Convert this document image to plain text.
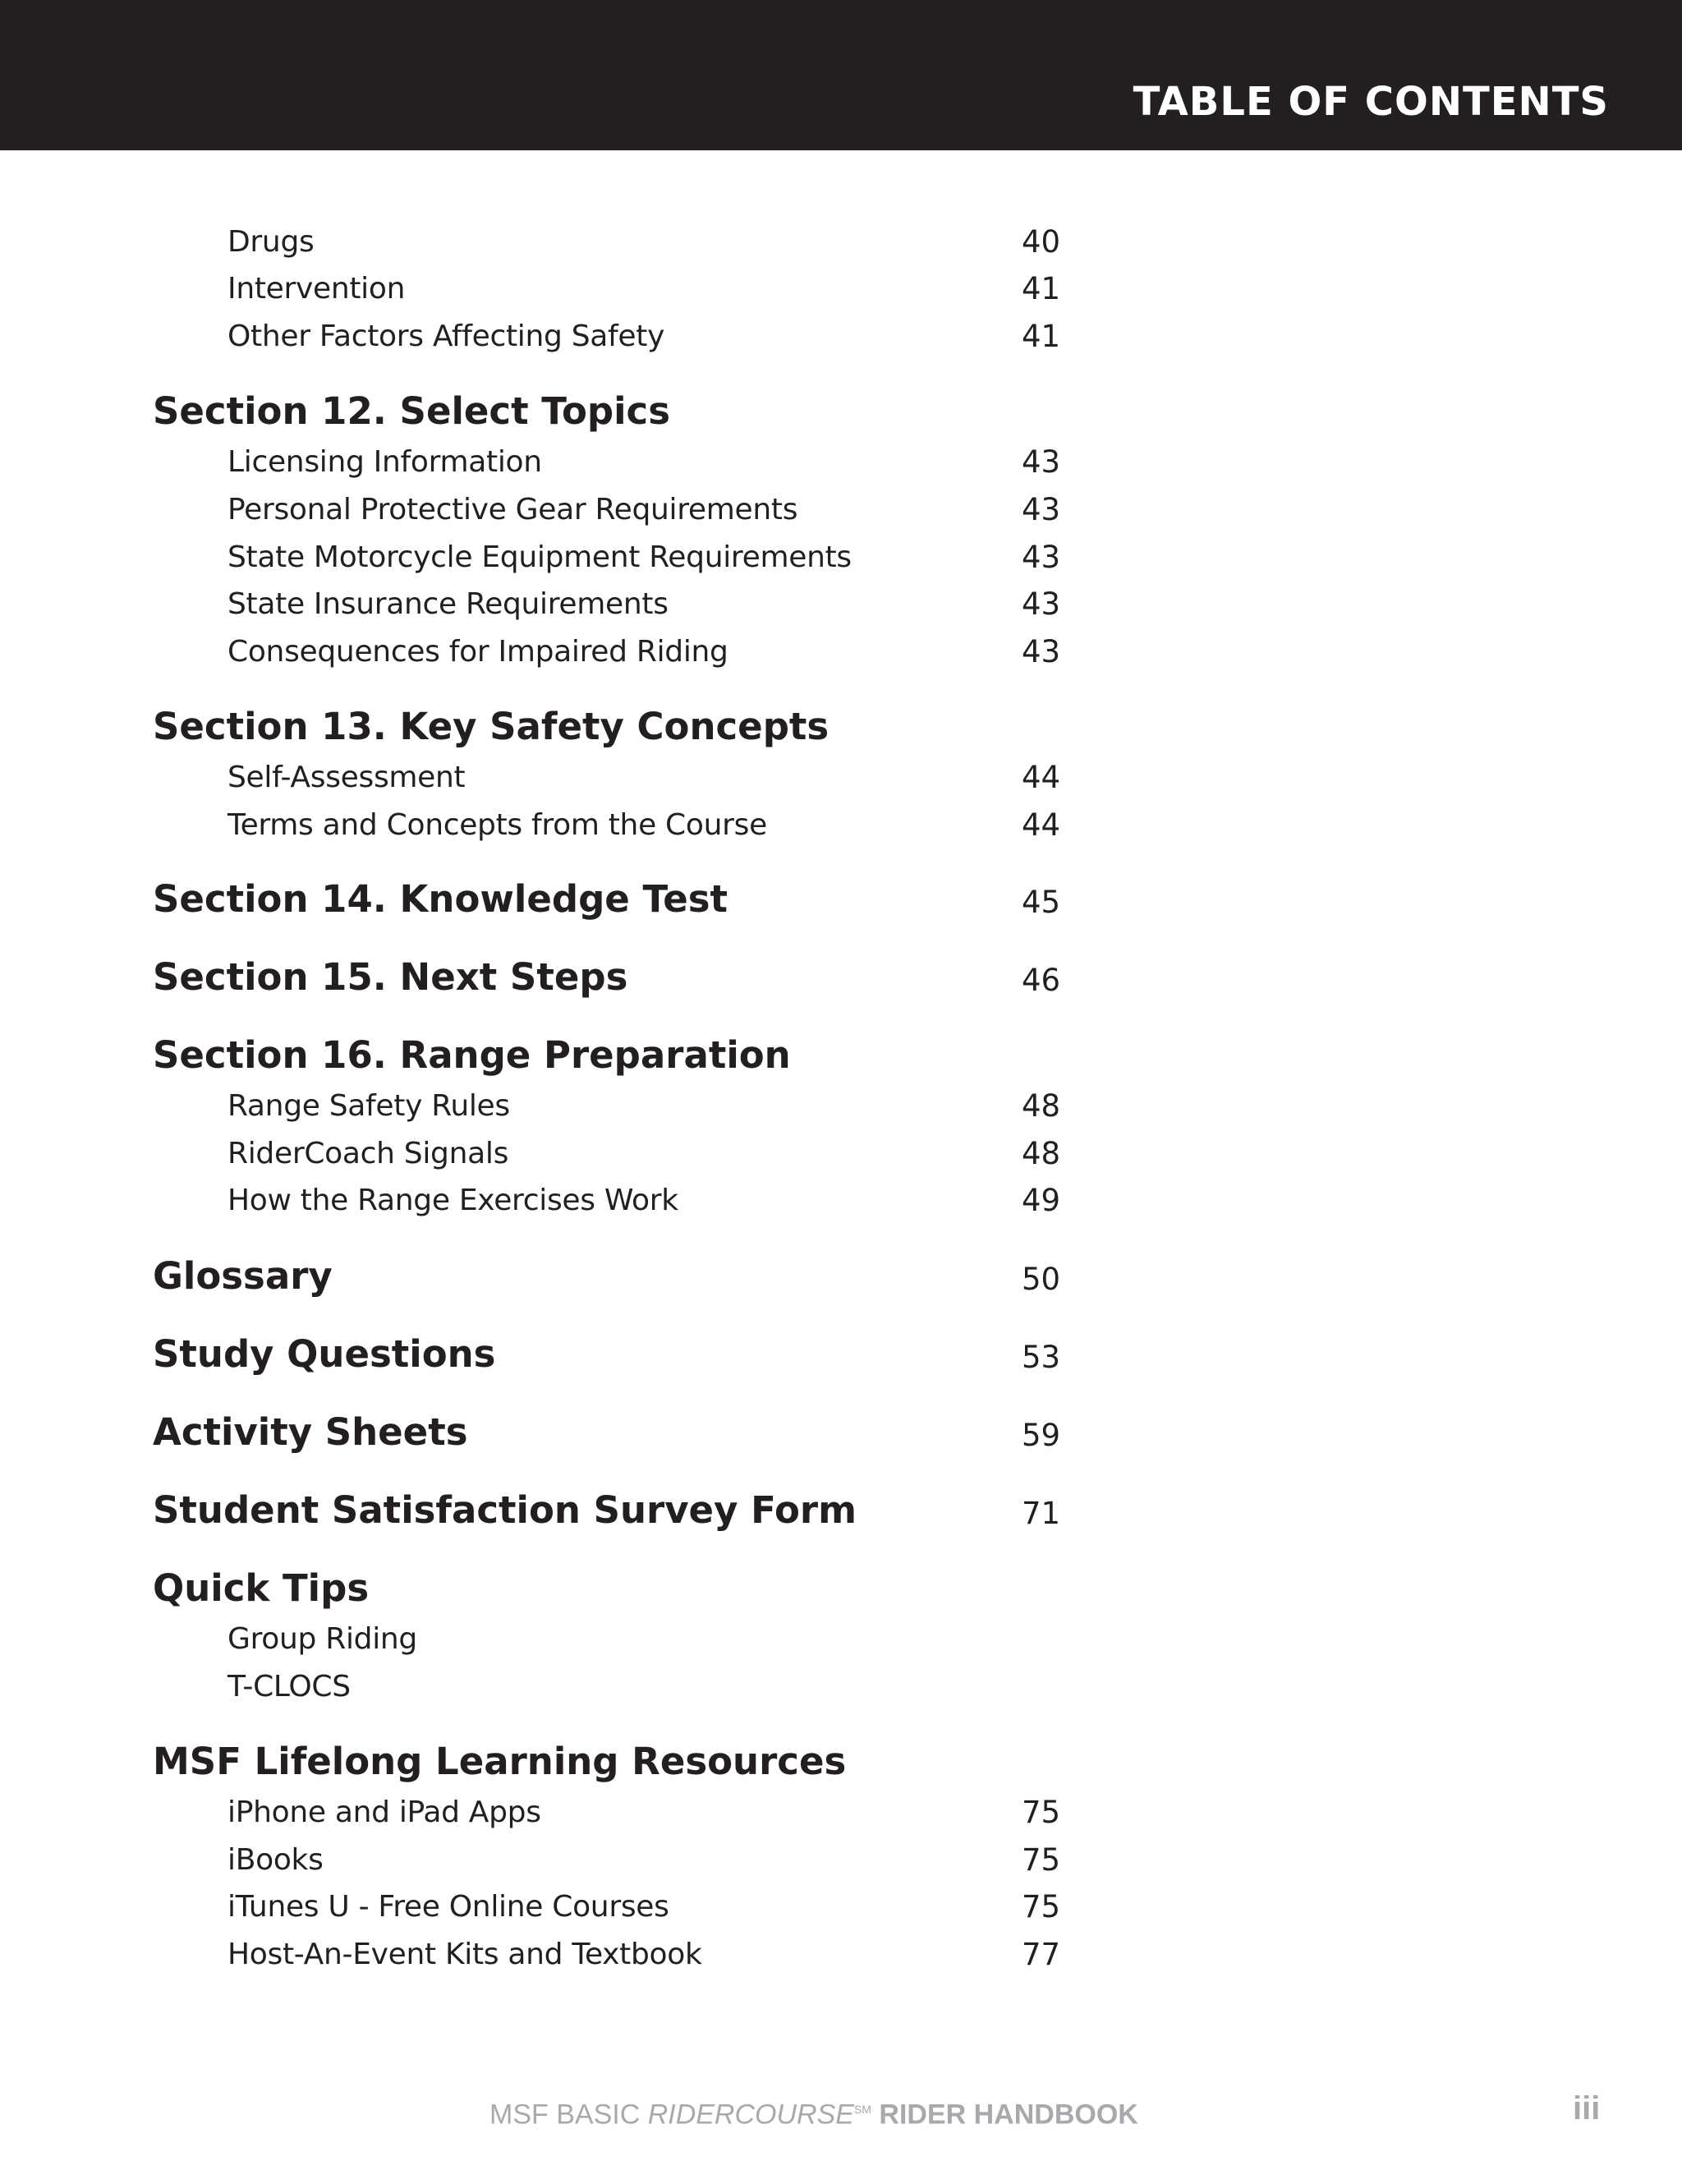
TABLE OF CONTENTS
Drugs	40
Intervention	41
Other Factors Affecting Safety	41
Section 12. Select Topics
Licensing Information	43
Personal Protective Gear Requirements	43
State Motorcycle Equipment Requirements	43
State Insurance Requirements	43
Consequences for Impaired Riding	43
Section 13. Key Safety Concepts
Self-Assessment	44
Terms and Concepts from the Course	44
Section 14. Knowledge Test	45
Section 15. Next Steps	46
Section 16. Range Preparation
Range Safety Rules	48
RiderCoach Signals	48
How the Range Exercises Work	49
Glossary	50
Study Questions	53
Activity Sheets	59
Student Satisfaction Survey Form	71
Quick Tips
Group Riding
T-CLOCS
MSF Lifelong Learning Resources
iPhone and iPad Apps	75
iBooks	75
iTunes U - Free Online Courses	75
Host-An-Event Kits and Textbook	77
MSF BASIC RIDERCOURSE℠ RIDER HANDBOOK	iii
